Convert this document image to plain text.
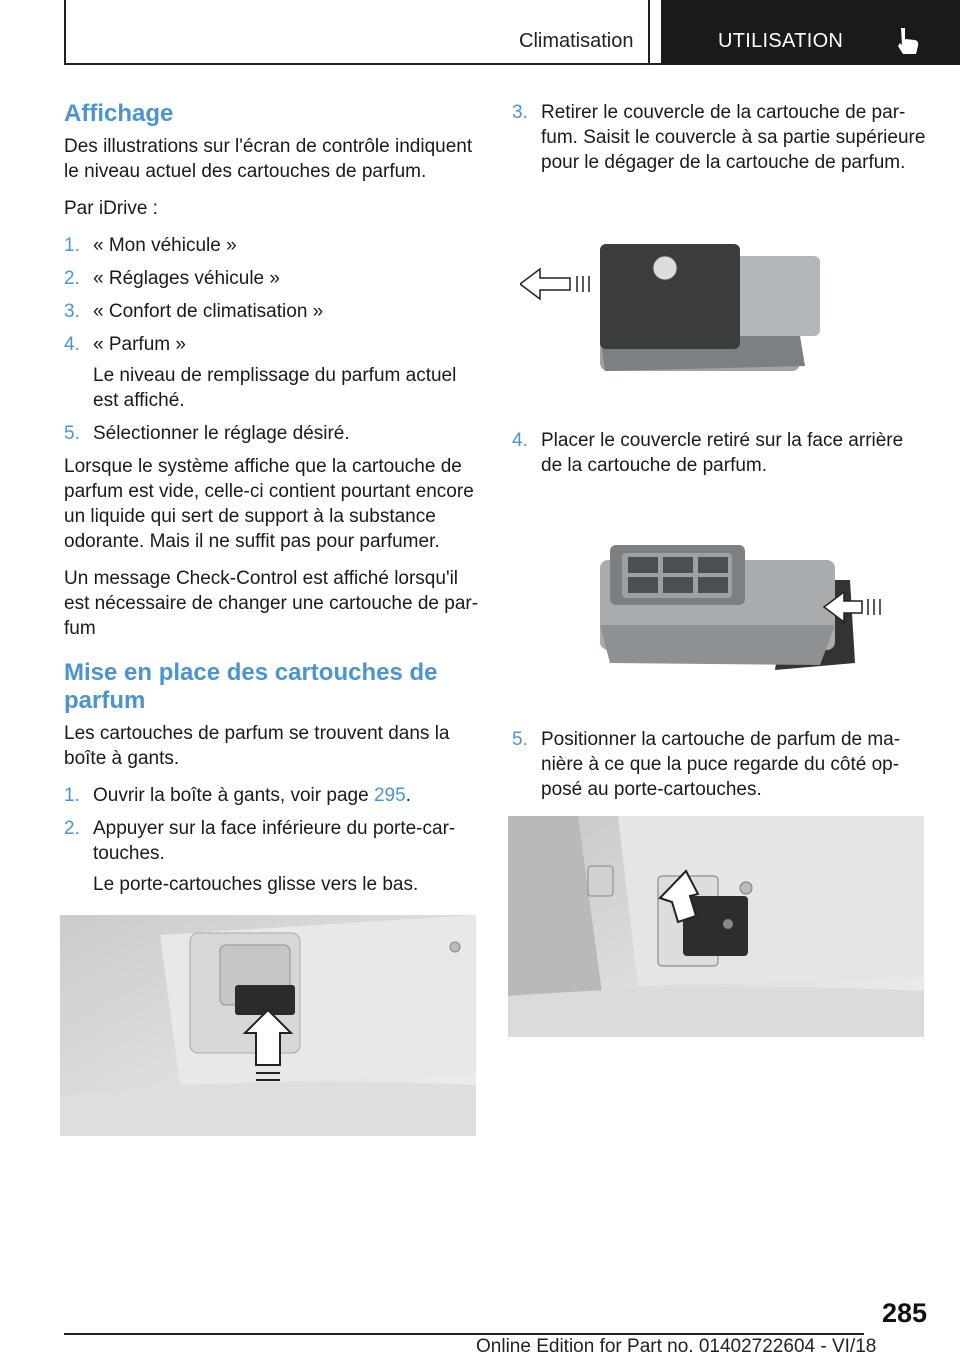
Climatisation	UTILISATION
Affichage

Des illustrations sur l'écran de contrôle indiquent le niveau actuel des cartouches de parfum.

Par iDrive :

1. « Mon véhicule »
2. « Réglages véhicule »
3. « Confort de climatisation »
4. « Parfum »
Le niveau de remplissage du parfum actuel est affiché.
5. Sélectionner le réglage désiré.

Lorsque le système affiche que la cartouche de parfum est vide, celle-ci contient pourtant encore un liquide qui sert de support à la substance odorante. Mais il ne suffit pas pour parfumer.

Un message Check-Control est affiché lorsqu'il est nécessaire de changer une cartouche de par‐fum

Mise en place des cartouches de parfum

Les cartouches de parfum se trouvent dans la boîte à gants.

1. Ouvrir la boîte à gants, voir page 295.
2. Appuyer sur la face inférieure du porte-car‐touches.
Le porte-cartouches glisse vers le bas.
3. Retirer le couvercle de la cartouche de par‐fum. Saisit le couvercle à sa partie supérieure pour le dégager de la cartouche de parfum.
4. Placer le couvercle retiré sur la face arrière de la cartouche de parfum.
5. Positionner la cartouche de parfum de ma‐nière à ce que la puce regarde du côté op‐posé au porte-cartouches.
285
Online Edition for Part no. 01402722604 - VI/18
